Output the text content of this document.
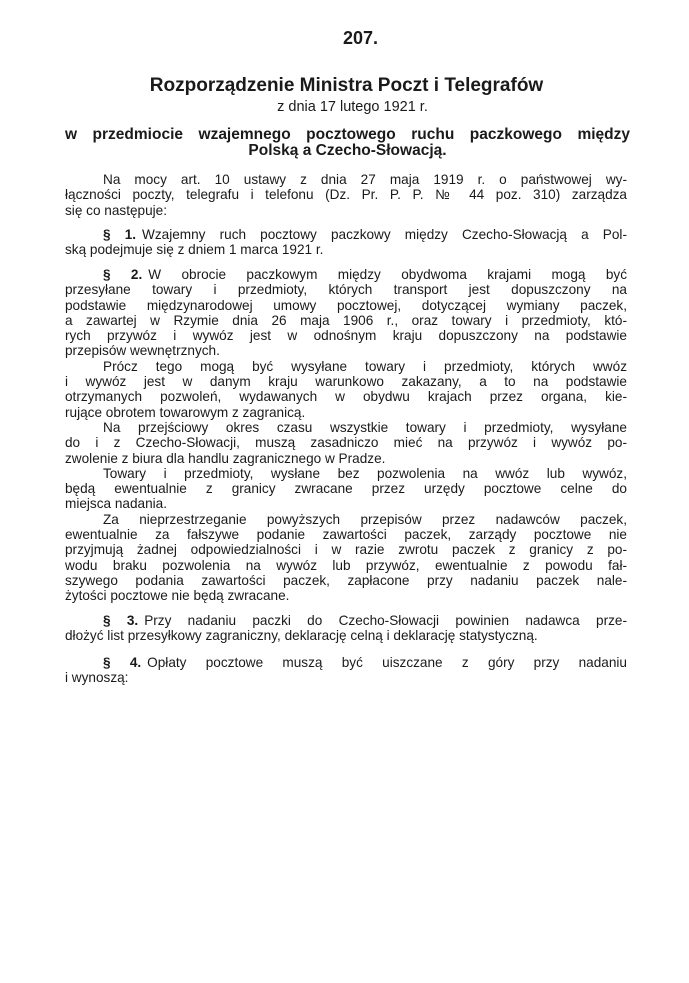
207.
Rozporządzenie Ministra Poczt i Telegrafów
z dnia 17 lutego 1921 r.
w przedmiocie wzajemnego pocztowego ruchu paczkowego między
Polską a Czecho-Słowacją.
Na mocy art. 10 ustawy z dnia 27 maja 1919 r. o państwowej wy-
łączności poczty, telegrafu i telefonu (Dz. Pr. P. P. № 44 poz. 310) zarządza
się co następuje:
§ 1. Wzajemny ruch pocztowy paczkowy między Czecho-Słowacją a Pol-
ską podejmuje się z dniem 1 marca 1921 r.
§ 2. W obrocie paczkowym między obydwoma krajami mogą być
przesyłane towary i przedmioty, których transport jest dopuszczony na
podstawie międzynarodowej umowy pocztowej, dotyczącej wymiany paczek,
a zawartej w Rzymie dnia 26 maja 1906 r., oraz towary i przedmioty, któ-
rych przywóz i wywóz jest w odnośnym kraju dopuszczony na podstawie
przepisów wewnętrznych.
Prócz tego mogą być wysyłane towary i przedmioty, których wwóz
i wywóz jest w danym kraju warunkowo zakazany, a to na podstawie
otrzymanych pozwoleń, wydawanych w obydwu krajach przez organa, kie-
rujące obrotem towarowym z zagranicą.
Na przejściowy okres czasu wszystkie towary i przedmioty, wysyłane
do i z Czecho-Słowacji, muszą zasadniczo mieć na przywóz i wywóz po-
zwolenie z biura dla handlu zagranicznego w Pradze.
Towary i przedmioty, wysłane bez pozwolenia na wwóz lub wywóz,
będą ewentualnie z granicy zwracane przez urzędy pocztowe celne do
miejsca nadania.
Za nieprzestrzeganie powyższych przepisów przez nadawców paczek,
ewentualnie za fałszywe podanie zawartości paczek, zarządy pocztowe nie
przyjmują żadnej odpowiedzialności i w razie zwrotu paczek z granicy z po-
wodu braku pozwolenia na wywóz lub przywóz, ewentualnie z powodu fał-
szywego podania zawartości paczek, zapłacone przy nadaniu paczek nale-
żytości pocztowe nie będą zwracane.
§ 3. Przy nadaniu paczki do Czecho-Słowacji powinien nadawca prze-
dłożyć list przesyłkowy zagraniczny, deklarację celną i deklarację statystyczną.
§ 4. Opłaty pocztowe muszą być uiszczane z góry przy nadaniu
i wynoszą:
